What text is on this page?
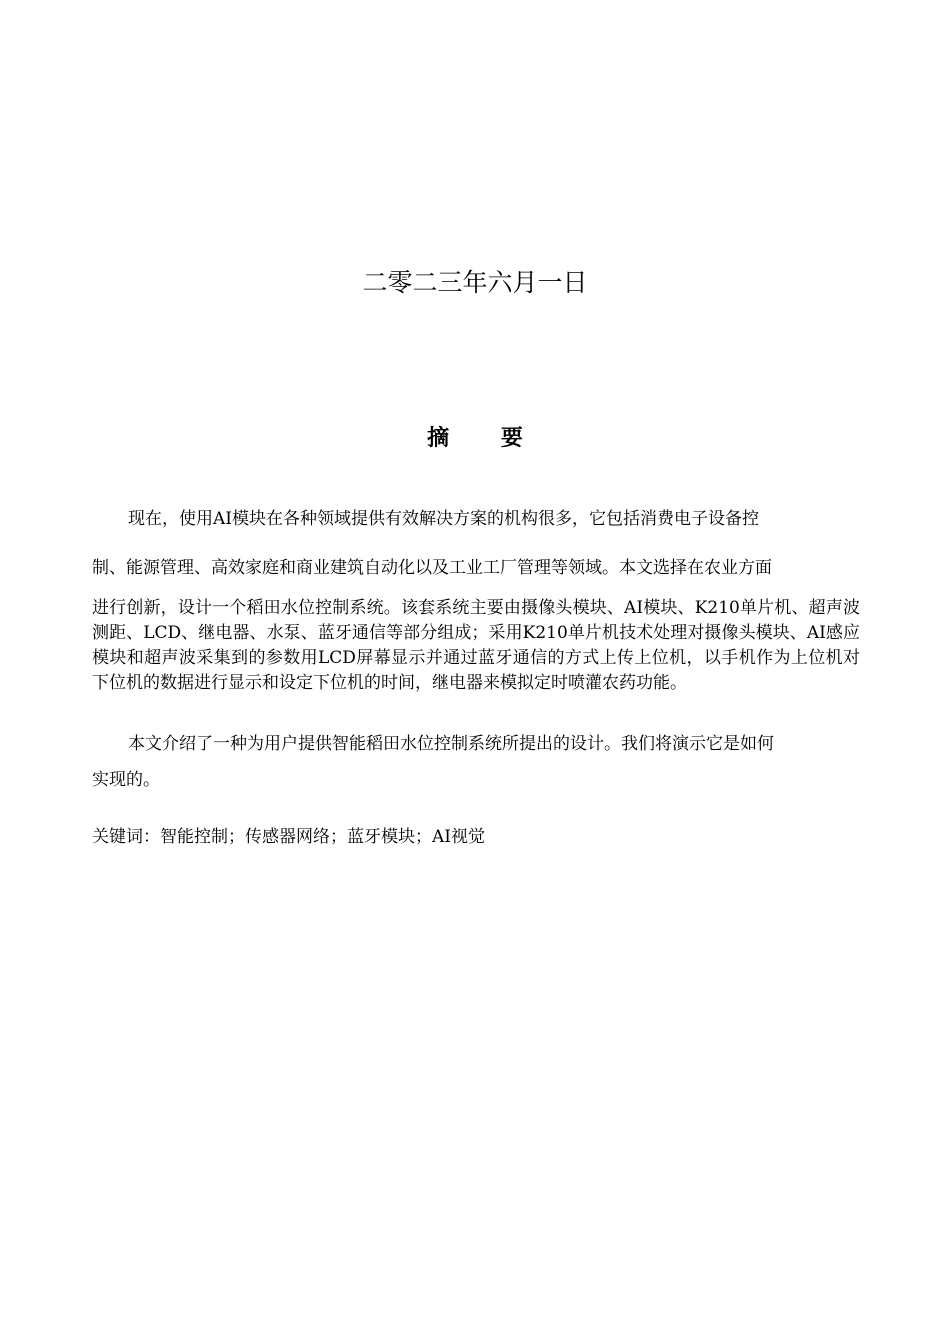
二零二三年六月一日
摘 要
现在，使用AI模块在各种领域提供有效解决方案的机构很多，它包括消费电子设备控
制、能源管理、高效家庭和商业建筑自动化以及工业工厂管理等领域。本文选择在农业方面
进行创新，设计一个稻田水位控制系统。该套系统主要由摄像头模块、AI模块、K210单片机、超声波测距、LCD、继电器、水泵、蓝牙通信等部分组成；采用K210单片机技术处理对摄像头模块、AI感应模块和超声波采集到的参数用LCD屏幕显示并通过蓝牙通信的方式上传上位机，以手机作为上位机对下位机的数据进行显示和设定下位机的时间，继电器来模拟定时喷灌农药功能。
本文介绍了一种为用户提供智能稻田水位控制系统所提出的设计。我们将演示它是如何
实现的。
关键词：智能控制；传感器网络；蓝牙模块；AI视觉
